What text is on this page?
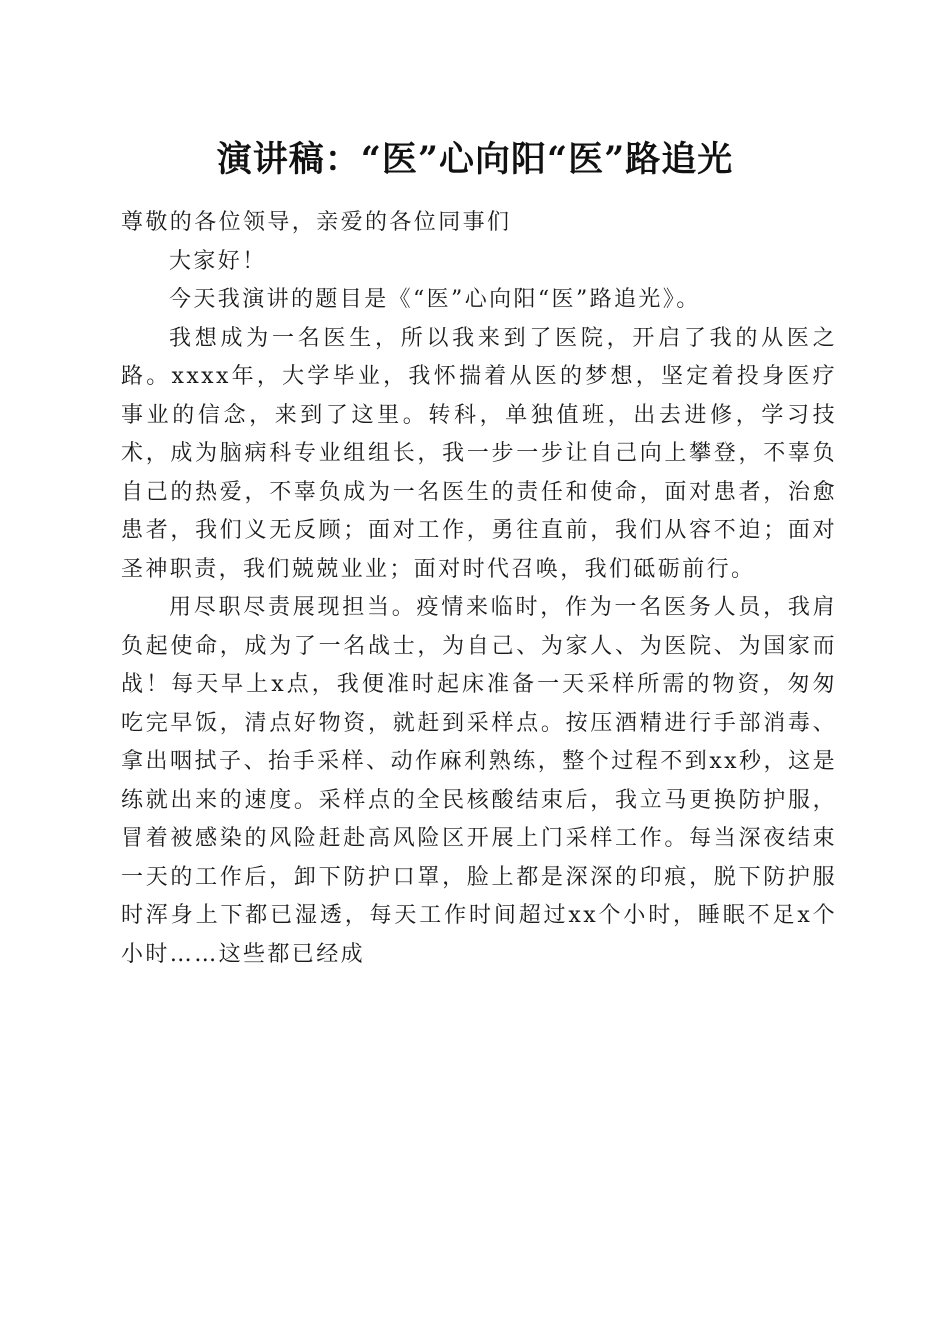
演讲稿：“医”心向阳“医”路追光

尊敬的各位领导，亲爱的各位同事们

大家好！

今天我演讲的题目是《“医”心向阳“医”路追光》。

我想成为一名医生，所以我来到了医院，开启了我的从医之路。xxxx年，大学毕业，我怀揣着从医的梦想，坚定着投身医疗事业的信念，来到了这里。转科，单独值班，出去进修，学习技术，成为脑病科专业组组长，我一步一步让自己向上攀登，不辜负自己的热爱，不辜负成为一名医生的责任和使命，面对患者，治愈患者，我们义无反顾；面对工作，勇往直前，我们从容不迫；面对圣神职责，我们兢兢业业；面对时代召唤，我们砥砺前行。

用尽职尽责展现担当。疫情来临时，作为一名医务人员，我肩负起使命，成为了一名战士，为自己、为家人、为医院、为国家而战！每天早上x点，我便准时起床准备一天采样所需的物资，匆匆吃完早饭，清点好物资，就赶到采样点。按压酒精进行手部消毒、拿出咽拭子、抬手采样、动作麻利熟练，整个过程不到xx秒，这是练就出来的速度。采样点的全民核酸结束后，我立马更换防护服，冒着被感染的风险赶赴高风险区开展上门采样工作。每当深夜结束一天的工作后，卸下防护口罩，脸上都是深深的印痕，脱下防护服时浑身上下都已湿透，每天工作时间超过xx个小时，睡眠不足x个小时……这些都已经成
